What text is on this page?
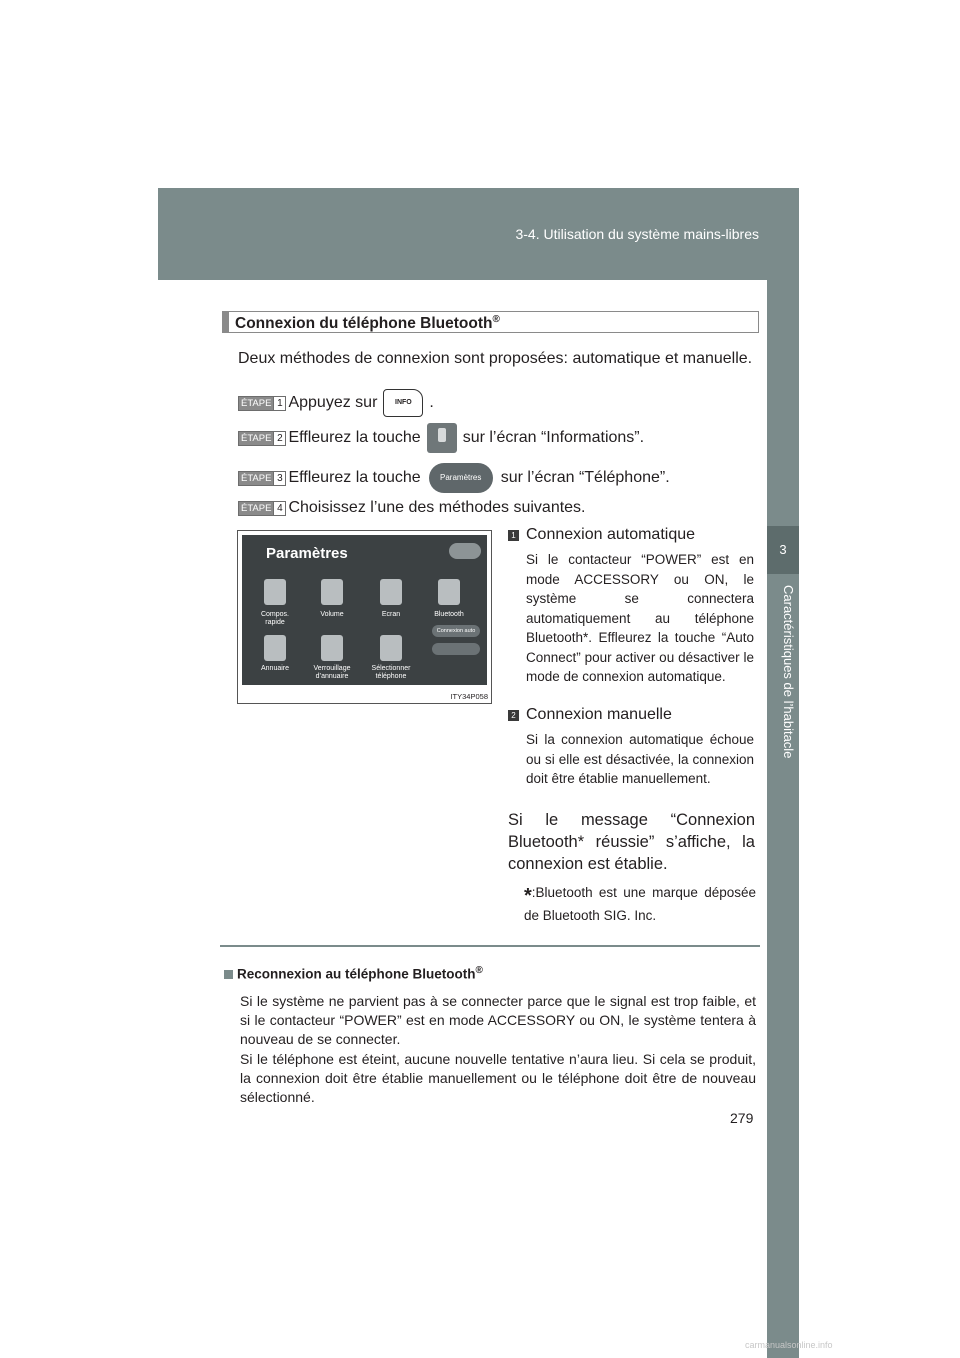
3-4. Utilisation du système mains-libres
3
Caractéristiques de l’habitacle
Connexion du téléphone Bluetooth®
Deux méthodes de connexion sont proposées: automatique et manuelle.
ÉTAPE 1 Appuyez sur	INFO	.
ÉTAPE 2 Effleurez la touche	sur l’écran “Informations”.
ÉTAPE 3 Effleurez la touche	Paramètres	sur l’écran “Téléphone”.
ÉTAPE 4 Choisissez l’une des méthodes suivantes.
Paramètres
Compos. rapide
Volume	Ecran	Bluetooth
Connexion auto
Annuaire	Verrouillage d’annuaire
Sélectionner téléphone
ITY34P058
1 Connexion automatique
Si le contacteur “POWER” est en mode ACCESSORY ou ON, le système se connectera automatiquement au téléphone Bluetooth*. Effleurez la touche “Auto Connect” pour activer ou désactiver le mode de connexion automatique.
2 Connexion manuelle
Si la connexion automatique échoue ou si elle est désactivée, la connexion doit être établie manuellement.
Si le message “Connexion Bluetooth* réussie” s’affiche, la connexion est établie.
*:Bluetooth est une marque déposée de Bluetooth SIG. Inc.
Reconnexion au téléphone Bluetooth®
Si le système ne parvient pas à se connecter parce que le signal est trop faible, et si le contacteur “POWER” est en mode ACCESSORY ou ON, le système tentera à nouveau de se connecter.
Si le téléphone est éteint, aucune nouvelle tentative n’aura lieu. Si cela se produit, la connexion doit être établie manuellement ou le téléphone doit être de nouveau sélectionné.
279
carmanualsonline.info
